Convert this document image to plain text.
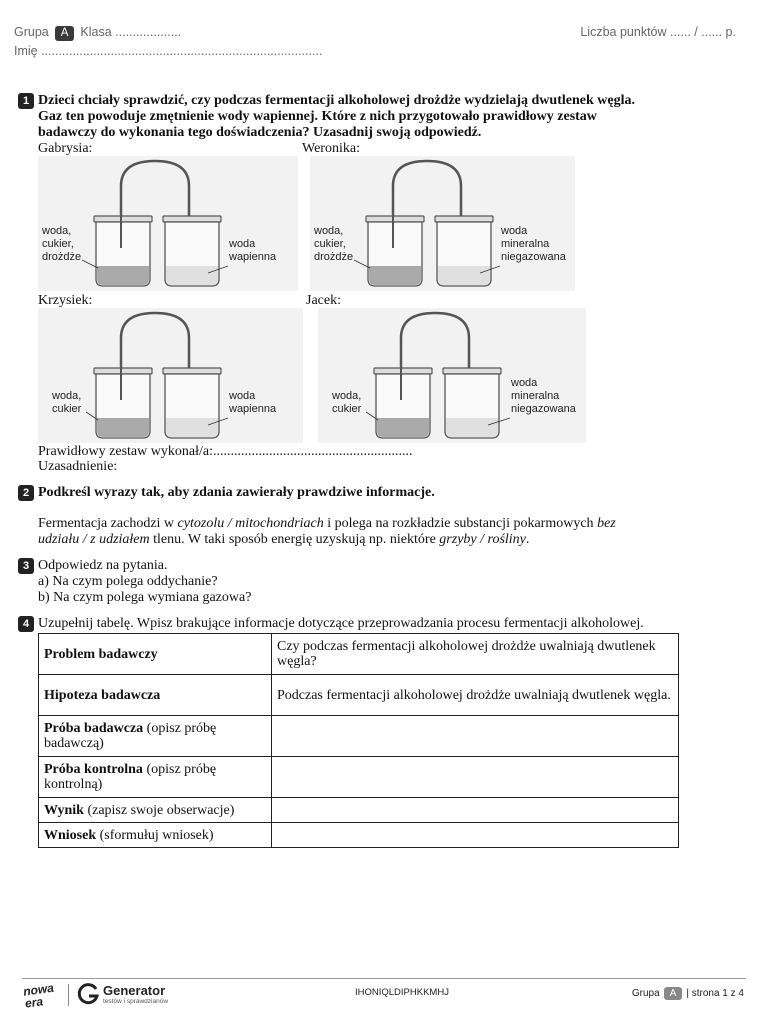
Grupa A Klasa ...................
Imię .................................................................................
Liczba punktów ...... / ...... p.
1 Dzieci chciały sprawdzić, czy podczas fermentacji alkoholowej drożdże wydzielają dwutlenek węgla.
Gaz ten powoduje zmętnienie wody wapiennej. Które z nich przygotowało prawidłowy zestaw
badawczy do wykonania tego doświadczenia? Uzasadnij swoją odpowiedź.
Gabrysia:	Weronika:
Krzysiek:	Jacek:
woda,
cukier,
drożdże
woda
wapienna
woda,
cukier,
drożdże
woda
mineralna
niegazowana
woda,
cukier
woda
wapienna
woda,
cukier
woda
mineralna
niegazowana
Prawidłowy zestaw wykonał/a:.........................................................
Uzasadnienie:
2 Podkreśl wyrazy tak, aby zdania zawierały prawdziwe informacje.
Fermentacja zachodzi w cytozolu / mitochondriach i polega na rozkładzie substancji pokarmowych bez
udziału / z udziałem tlenu. W taki sposób energię uzyskują np. niektóre grzyby / rośliny.
3 Odpowiedz na pytania.
a) Na czym polega oddychanie?
b) Na czym polega wymiana gazowa?
4 Uzupełnij tabelę. Wpisz brakujące informacje dotyczące przeprowadzania procesu fermentacji alkoholowej.
Problem badawczy	Czy podczas fermentacji alkoholowej drożdże uwalniają dwutlenek węgla?
Hipoteza badawcza	Podczas fermentacji alkoholowej drożdże uwalniają dwutlenek węgla.
Próba badawcza (opisz próbę badawczą)	
Próba kontrolna (opisz próbę kontrolną)	
Wynik (zapisz swoje obserwacje)	
Wniosek (sformułuj wniosek)	
nowa
era
Generator
testów i sprawdzianów
IHONIQLDIPHKKMHJ	Grupa A | strona 1 z 4
